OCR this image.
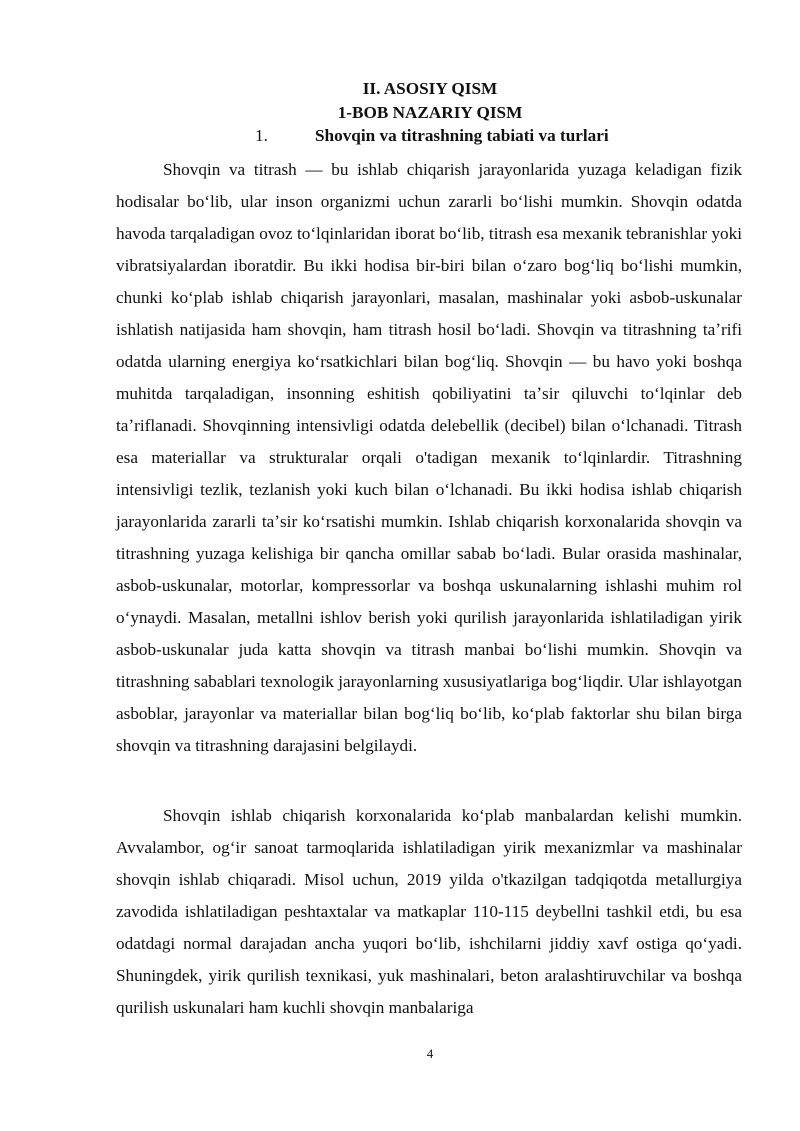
II. ASOSIY QISM
1-BOB NAZARIY QISM
1.	Shovqin va titrashning tabiati va turlari

Shovqin va titrash — bu ishlab chiqarish jarayonlarida yuzaga keladigan fizik hodisalar boʻlib, ular inson organizmi uchun zararli boʻlishi mumkin. Shovqin odatda havoda tarqaladigan ovoz toʻlqinlaridan iborat boʻlib, titrash esa mexanik tebranishlar yoki vibratsiyalardan iboratdir. Bu ikki hodisa bir-biri bilan oʻzaro bogʻliq boʻlishi mumkin, chunki koʻplab ishlab chiqarish jarayonlari, masalan, mashinalar yoki asbob-uskunalar ishlatish natijasida ham shovqin, ham titrash hosil boʻladi. Shovqin va titrashning taʼrifi odatda ularning energiya koʻrsatkichlari bilan bogʻliq. Shovqin — bu havo yoki boshqa muhitda tarqaladigan, insonning eshitish qobiliyatini taʼsir qiluvchi toʻlqinlar deb taʼriflanadi. Shovqinning intensivligi odatda delebellik (decibel) bilan oʻlchanadi. Titrash esa materiallar va strukturalar orqali o'tadigan mexanik toʻlqinlardir. Titrashning intensivligi tezlik, tezlanish yoki kuch bilan oʻlchanadi. Bu ikki hodisa ishlab chiqarish jarayonlarida zararli taʼsir koʻrsatishi mumkin. Ishlab chiqarish korxonalarida shovqin va titrashning yuzaga kelishiga bir qancha omillar sabab boʻladi. Bular orasida mashinalar, asbob-uskunalar, motorlar, kompressorlar va boshqa uskunalarning ishlashi muhim rol oʻynaydi. Masalan, metallni ishlov berish yoki qurilish jarayonlarida ishlatiladigan yirik asbob-uskunalar juda katta shovqin va titrash manbai boʻlishi mumkin. Shovqin va titrashning sabablari texnologik jarayonlarning xususiyatlariga bogʻliqdir. Ular ishlayotgan asboblar, jarayonlar va materiallar bilan bogʻliq boʻlib, koʻplab faktorlar shu bilan birga shovqin va titrashning darajasini belgilaydi.

Shovqin ishlab chiqarish korxonalarida koʻplab manbalardan kelishi mumkin. Avvalambor, ogʻir sanoat tarmoqlarida ishlatiladigan yirik mexanizmlar va mashinalar shovqin ishlab chiqaradi. Misol uchun, 2019 yilda o'tkazilgan tadqiqotda metallurgiya zavodida ishlatiladigan peshtaxtalar va matkaplar 110-115 deybellni tashkil etdi, bu esa odatdagi normal darajadan ancha yuqori boʻlib, ishchilarni jiddiy xavf ostiga qoʻyadi. Shuningdek, yirik qurilish texnikasi, yuk mashinalari, beton aralashtiruvchilar va boshqa qurilish uskunalari ham kuchli shovqin manbalariga

4
